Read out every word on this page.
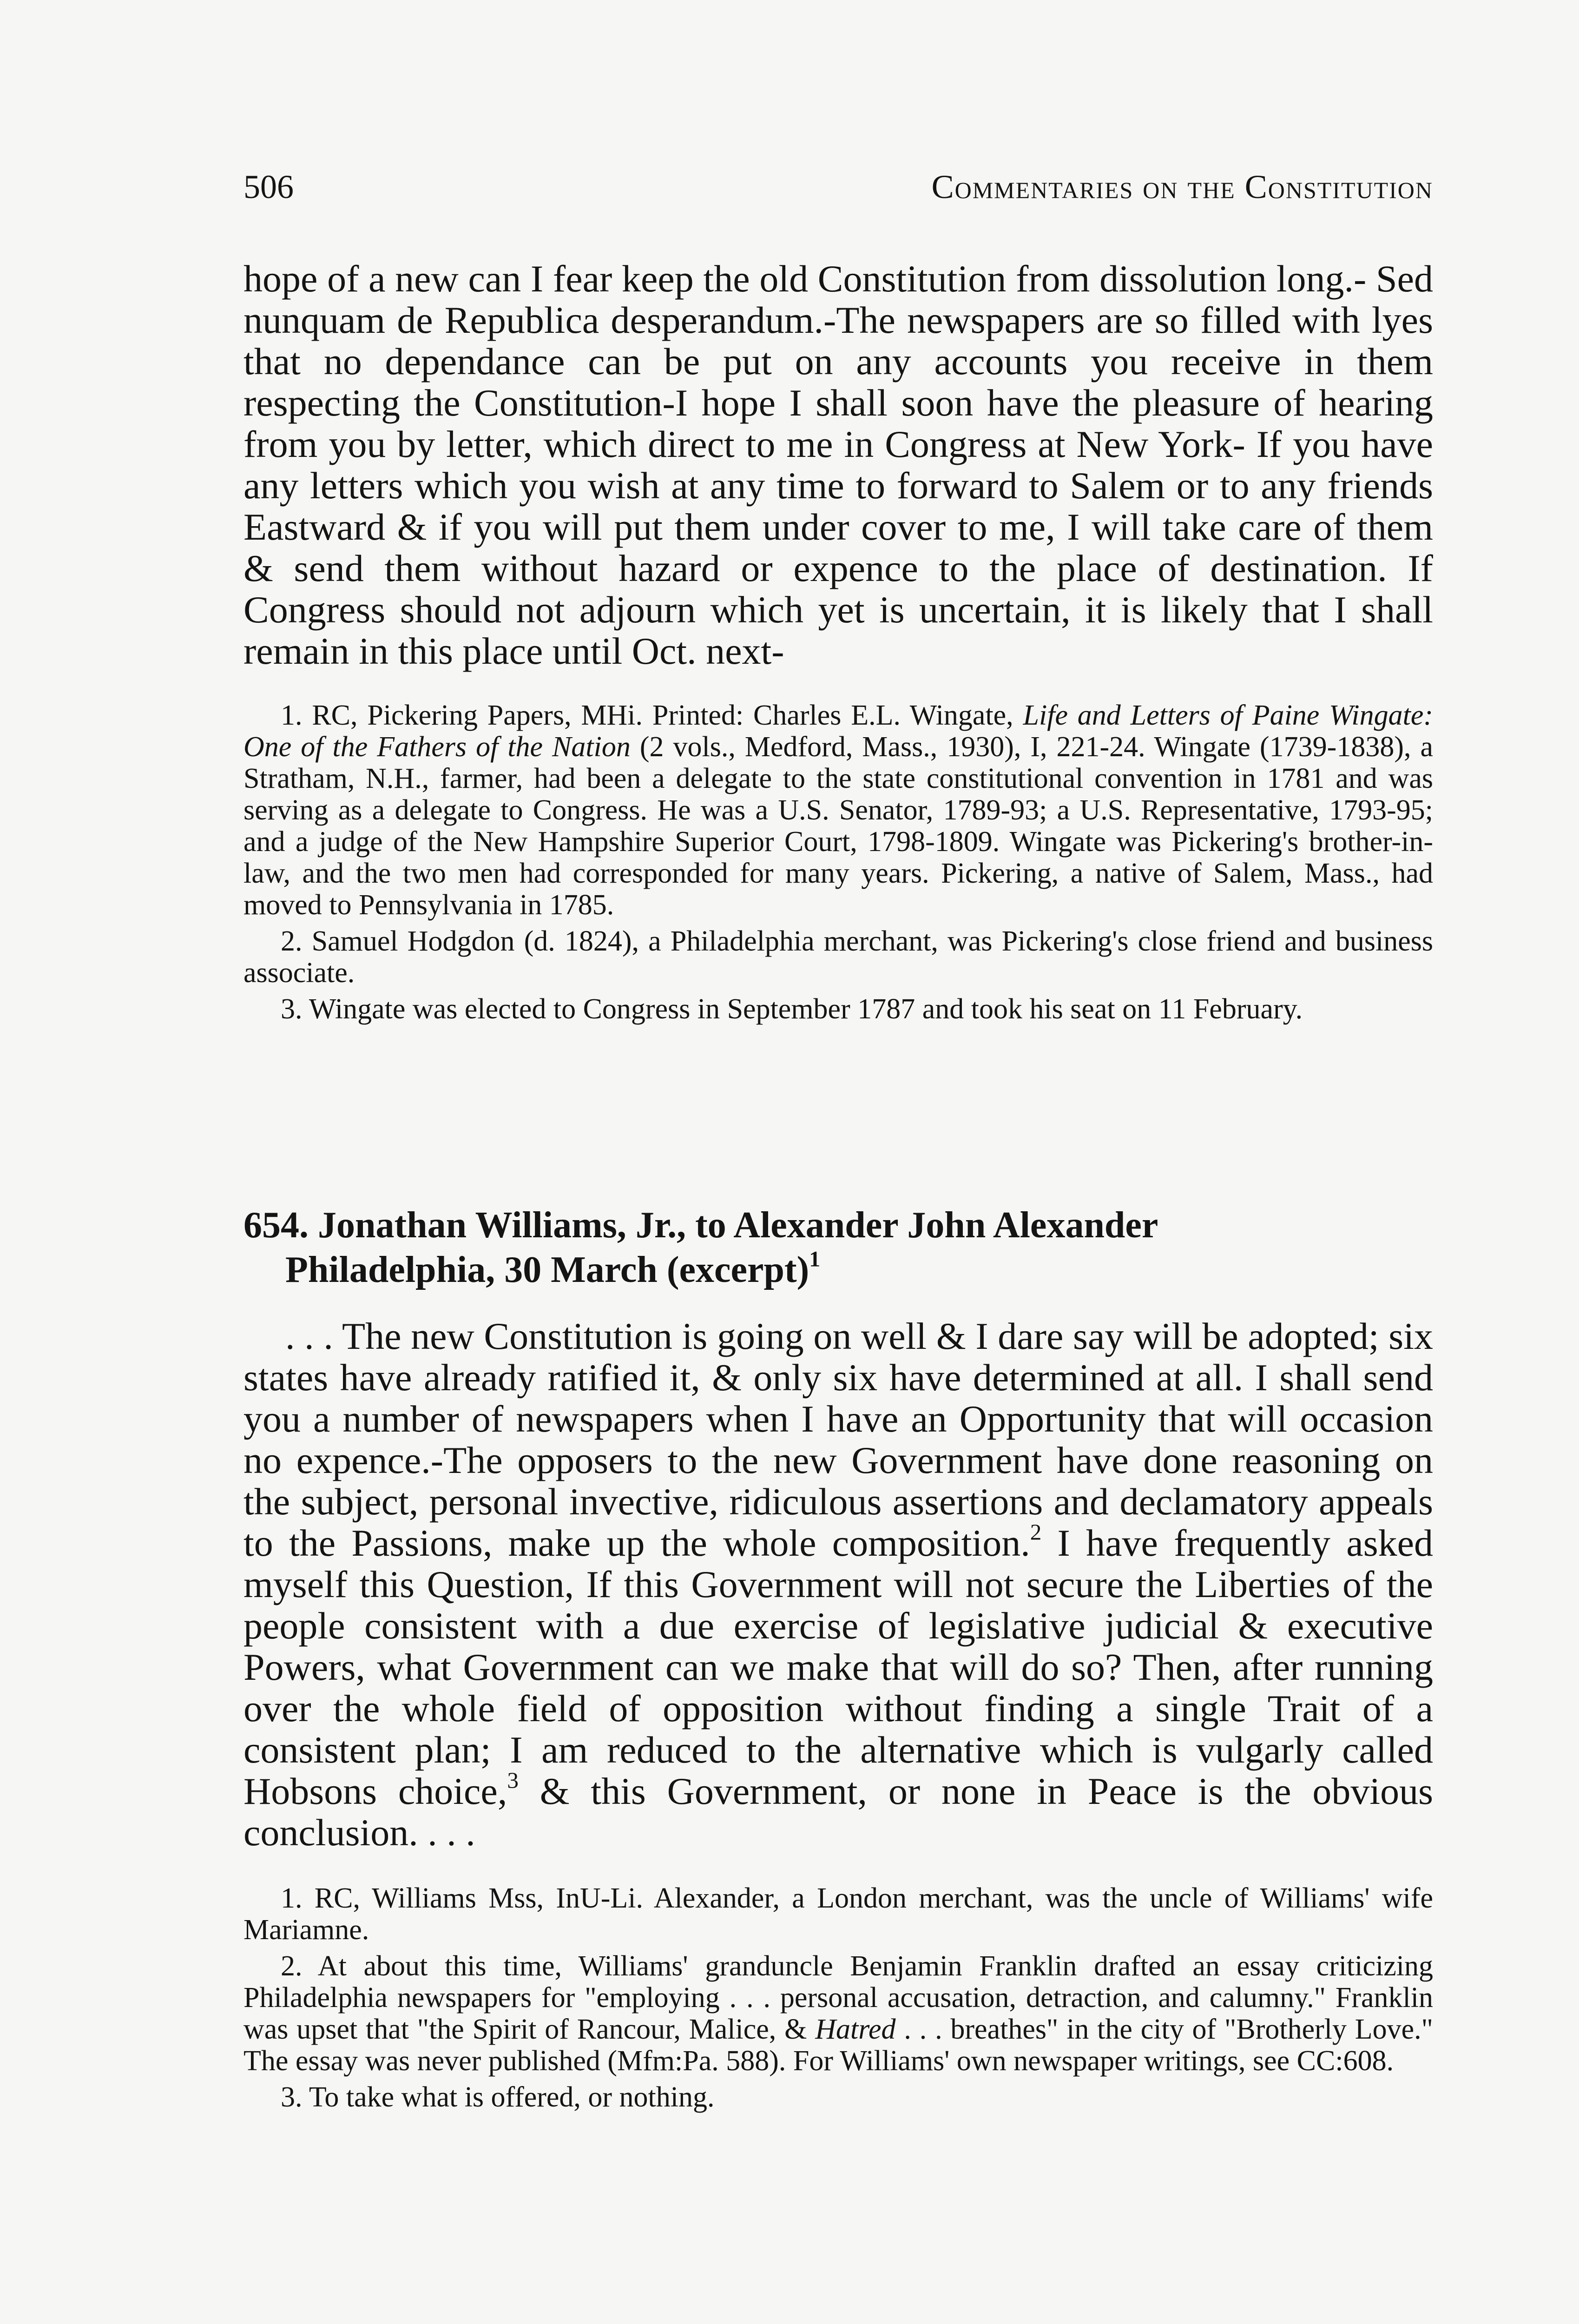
506	Commentaries on the Constitution

hope of a new can I fear keep the old Constitution from dissolution long.- Sed nunquam de Republica desperandum.-The newspapers are so filled with lyes that no dependance can be put on any accounts you receive in them respecting the Constitution-I hope I shall soon have the pleasure of hearing from you by letter, which direct to me in Congress at New York- If you have any letters which you wish at any time to forward to Salem or to any friends Eastward & if you will put them under cover to me, I will take care of them & send them without hazard or expence to the place of destination. If Congress should not adjourn which yet is uncertain, it is likely that I shall remain in this place until Oct. next-

1. RC, Pickering Papers, MHi. Printed: Charles E.L. Wingate, Life and Letters of Paine Wingate: One of the Fathers of the Nation (2 vols., Medford, Mass., 1930), I, 221-24. Wingate (1739-1838), a Stratham, N.H., farmer, had been a delegate to the state constitutional convention in 1781 and was serving as a delegate to Congress. He was a U.S. Senator, 1789-93; a U.S. Representative, 1793-95; and a judge of the New Hampshire Superior Court, 1798-1809. Wingate was Pickering's brother-in-law, and the two men had corresponded for many years. Pickering, a native of Salem, Mass., had moved to Pennsylvania in 1785.

2. Samuel Hodgdon (d. 1824), a Philadelphia merchant, was Pickering's close friend and business associate.

3. Wingate was elected to Congress in September 1787 and took his seat on 11 February.

654. Jonathan Williams, Jr., to Alexander John Alexander
Philadelphia, 30 March (excerpt)$^1$

. . . The new Constitution is going on well & I dare say will be adopted; six states have already ratified it, & only six have determined at all. I shall send you a number of newspapers when I have an Opportunity that will occasion no expence.-The opposers to the new Government have done reasoning on the subject, personal invective, ridiculous assertions and declamatory appeals to the Passions, make up the whole composition.$^2$ I have frequently asked myself this Question, If this Government will not secure the Liberties of the people consistent with a due exercise of legislative judicial & executive Powers, what Government can we make that will do so? Then, after running over the whole field of opposition without finding a single Trait of a consistent plan; I am reduced to the alternative which is vulgarly called Hobsons choice,$^3$ & this Government, or none in Peace is the obvious conclusion. . . .

1. RC, Williams Mss, InU-Li. Alexander, a London merchant, was the uncle of Williams' wife Mariamne.

2. At about this time, Williams' granduncle Benjamin Franklin drafted an essay criticizing Philadelphia newspapers for "employing . . . personal accusation, detraction, and calumny." Franklin was upset that "the Spirit of Rancour, Malice, & Hatred . . . breathes" in the city of "Brotherly Love." The essay was never published (Mfm:Pa. 588). For Williams' own newspaper writings, see CC:608.

3. To take what is offered, or nothing.
